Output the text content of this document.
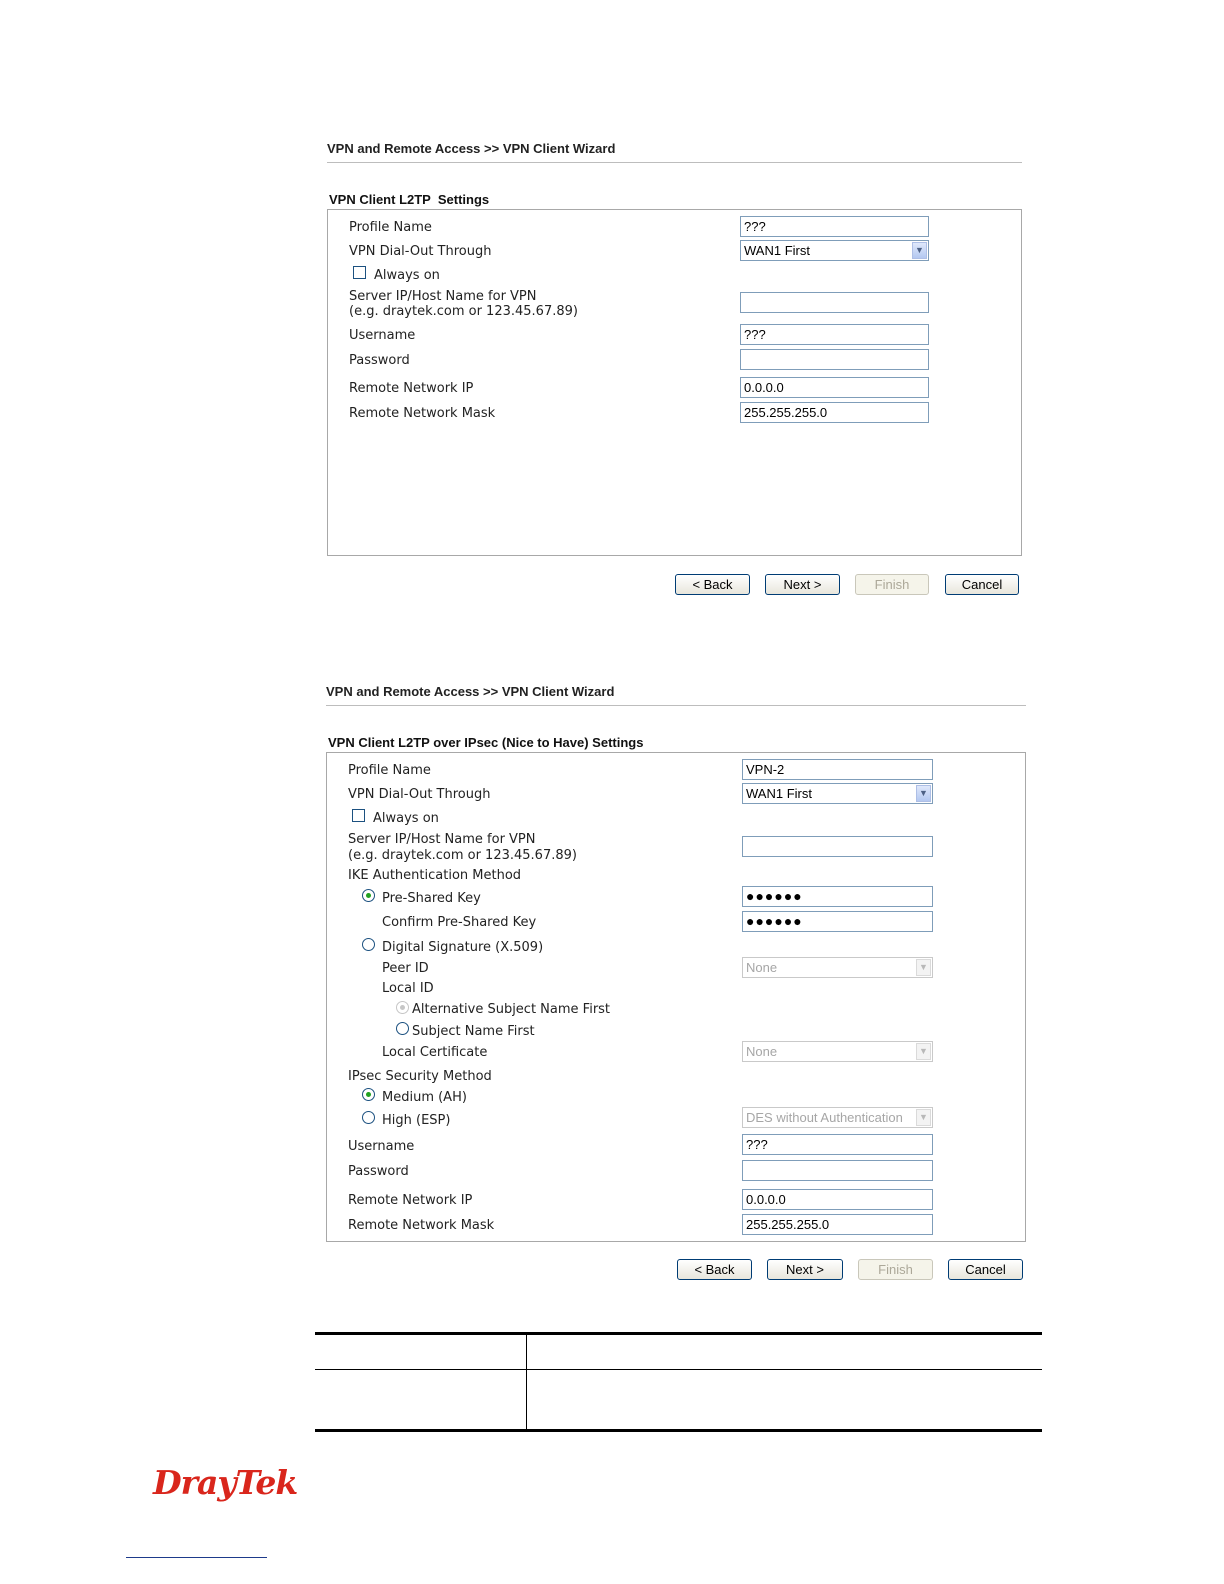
VPN and Remote Access >> VPN Client Wizard
VPN Client L2TP  Settings
Profile Name	???
VPN Dial-Out Through	WAN1 First	▼
Always on
Server IP/Host Name for VPN
(e.g. draytek.com or 123.45.67.89)
Username	???
Password
Remote Network IP	0.0.0.0
Remote Network Mask	255.255.255.0
< Back	Next >	Finish	Cancel
VPN and Remote Access >> VPN Client Wizard
VPN Client L2TP over IPsec (Nice to Have) Settings
Profile Name	VPN-2
VPN Dial-Out Through	WAN1 First	▼
Always on
Server IP/Host Name for VPN
(e.g. draytek.com or 123.45.67.89)
IKE Authentication Method
Pre-Shared Key	●●●●●●
Confirm Pre-Shared Key	●●●●●●
Digital Signature (X.509)
Peer ID	None	▼
Local ID
Alternative Subject Name First
Subject Name First
Local Certificate	None	▼
IPsec Security Method
Medium (AH)
High (ESP)	DES without Authentication	▼
Username	???
Password
Remote Network IP	0.0.0.0
Remote Network Mask	255.255.255.0
< Back	Next >	Finish	Cancel
DrayTek
